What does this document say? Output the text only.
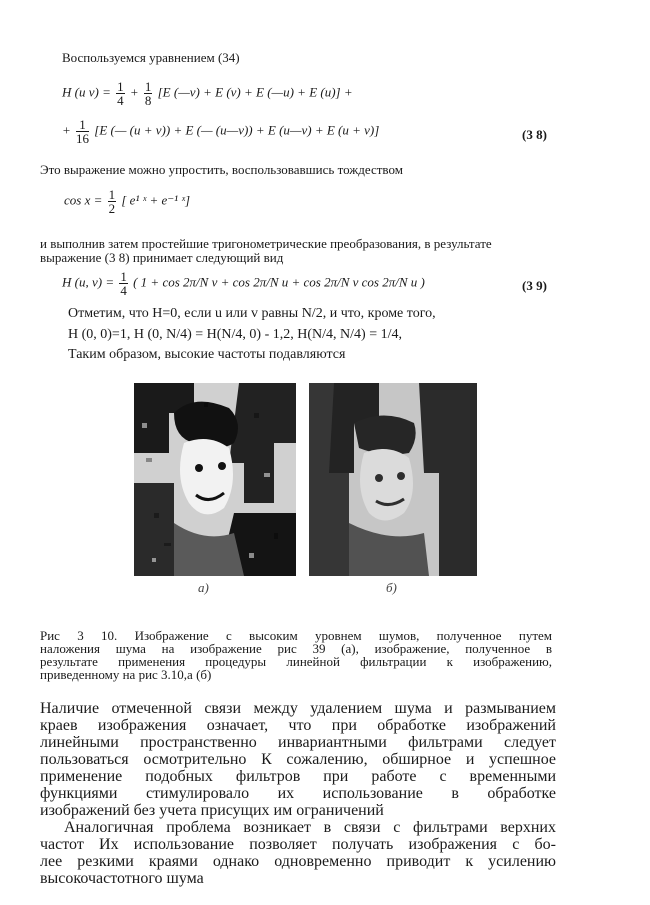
Воспользуемся уравнением (34)
H (u $v) = \frac{1}{4} + \frac{1}{8} [E$ (—v) + E (v) + E (—u) + E (u)] +
+ $\frac{1}{16} [E$ (— (u + v)) + E (— (u—v)) + E (u—v) + E (u + v)]	(3 8)
Это выражение можно упростить, воспользовавшись тождеством
$\cos x = \frac{1}{2}$ [ e¹ ˣ + e⁻¹ ˣ]
и выполнив затем простейшие тригонометрические преобразования, в результате
выражение (3 8) принимает следующий вид
H (u, $v) = \frac{1}{4}$ ( 1 + cos 2π/N v + cos 2π/N u + cos 2π/N v cos 2π/N u )	(3 9)
Отметим, что H=0, если u или v равны N/2, и что, кроме того,
H (0, 0)=1, H (0, N/4) = H(N/4, 0) - 1,2, H(N/4, N/4) = 1/4,
Таким образом, высокие частоты подавляются
a)	б)
Рис 3 10. Изображение с высоким уровнем шумов, полученное путем
наложения шума на изображение рис 39 (а), изображение, полученное в
результате применения процедуры линейной фильтрации к изображению,
приведенному на рис 3.10,а (б)
Наличие отмеченной связи между удалением шума и размыванием
краев изображения означает, что при обработке изображений
линейными пространственно инвариантными фильтрами следует
пользоваться осмотрительно К сожалению, обширное и успешное
применение подобных фильтров при работе с временными
функциями стимулировало их использование в обработке
изображений без учета присущих им ограничений
Аналогичная проблема возникает в связи с фильтрами верхних
частот Их использование позволяет получать изображения с бо-
лее резкими краями однако одновременно приводит к усилению
высокочастотного шума
